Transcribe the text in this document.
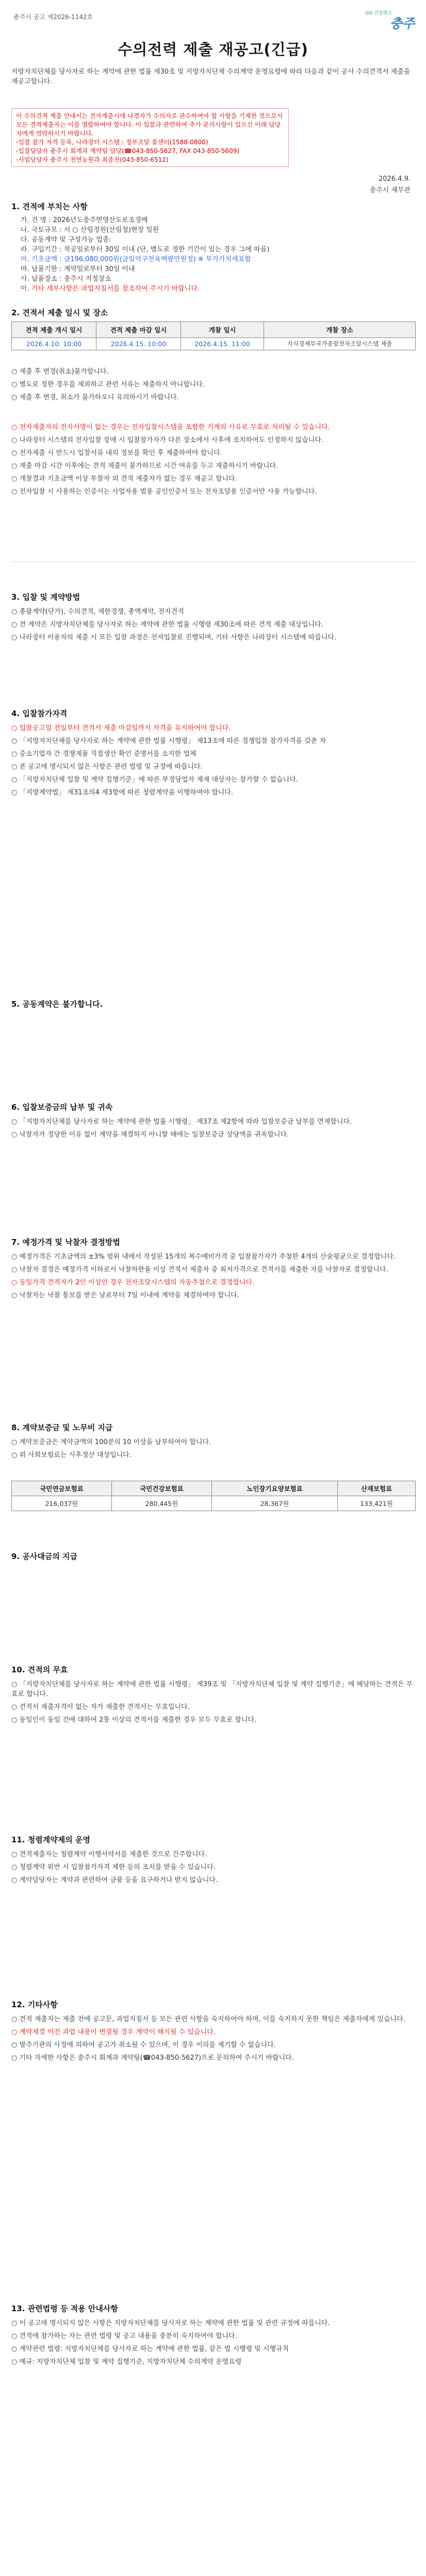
충주시 공고 제2026-1142호	GO 건강하고
충주
수의전력 제출 재공고(긴급)
지방자치단체를 당사자로 하는 계약에 관한 법률 제30조 및 지방자치단체 수의계약 운영요령에 따라 다음과 같이 공사 수의견적서 제출을 재공고합니다.
이 수의견적 제출 안내서는 전자계출시에 나경자가 수의자로 관수하여야 할 사항을 기재한 것으로서 모든 견적제출자는 이를 열람하여야 합니다. 이 입찰과 관련하여 추가 문의사항이 있으신 이래 담당자에게 연락하시기 바랍니다.
-입찰 참가 자격 등록, 나라장터 시스템 : 정부조달 콜센터(1588-0800)
-입찰담당자 충주시 회계과 계약팀 담당(☎043-850-5627, FAX 043-850-5609)
-사업담당자 충주시 천연농원과 최종천(043-850-6512)
2026.4.9.
충주시 재무관
1. 견적에 부치는 사항
가. 건 명 : 2026년도충주면영산도로조경배
나. 국토규모 : 서 ○ 산림정원(산림청)현장 일원
다. 공동계약 및 구성가능 업종:
라. 구입기간 : 착공일로부터 30일 이내 (단, 별도로 정한 기간이 있는 경우 그에 따름)
마. 기초금액 : 금196,080,000원(금일억구천육백팔만원정) ※ 부가가치세포함
바. 납품기한 : 계약일로부터 30일 이내
사. 납품장소 : 충주시 지정장소
아. 기타 세부사항은 과업지침서를 참조하여 주시기 바랍니다.
2. 견적서 제출 일시 및 장소
견적 제출 개시 일시	견적 제출 마감 일시	개찰 일시	개찰 장소
2026.4.10. 10:00	2026.4.15. 10:00	2026.4.15. 11:00	지식경제부국가종합전자조달시스템 제출
○ 제출 후 변경(취소)불가합니다.
○ 별도로 정한 경우를 제외하고 관련 서류는 제출하지 아니합니다.
○ 제출 후 변경, 취소가 불가하오니 유의하시기 바랍니다.
○ 전자제출자의 전자서명이 없는 경우는 전자입찰시스템을 포함한 기계의 사유로 무효로 처리될 수 있습니다.
○ 나라장터 시스템의 전자입찰 장애 시 입찰참가자가 다른 장소에서 사후에 조치하여도 인정하지 않습니다.
○ 전자제출 시 반드시 입찰서류 내의 정보를 확인 후 제출하여야 합니다.
○ 제출 마감 시간 이후에는 견적 제출이 불가하므로 시간 여유를 두고 제출하시기 바랍니다.
○ 개찰결과 기초금액 이상 투찰자 외 견적 제출자가 없는 경우 재공고 합니다.
○ 전자입찰 시 사용하는 인증서는 사업자용 범용 공인인증서 또는 전자조달용 인증서만 사용 가능합니다.
3. 입찰 및 계약방법
○ 총괄계약(단가), 수의견적, 제한경쟁, 총액계약, 전자견적
○ 견 계약은 지방자치단체를 당사자로 하는 계약에 관한 법률 시행령 제30조에 따른 견적 제출 대상입니다.
○ 나라장터 이용자의 제출 시 모든 입찰 과정은 전자입찰로 진행되며, 기타 사항은 나라장터 시스템에 따릅니다.
4. 입찰참가자격
○ 입찰공고일 전일부터 견적서 제출 마감일까지 자격을 유지하여야 합니다.
○ 「지방자치단체를 당사자로 하는 계약에 관한 법률 시행령」 제13조에 따른 경쟁입찰 참가자격을 갖춘 자
○ 중소기업자 간 경쟁제품 직접생산 확인 증명서를 소지한 업체
○ 본 공고에 명시되지 않은 사항은 관련 법령 및 규정에 따릅니다.
○ 「지방자치단체 입찰 및 계약 집행기준」에 따른 부정당업자 제재 대상자는 참가할 수 없습니다.
○ 「지방계약법」 제31조의4 제3항에 따른 청렴계약을 이행하여야 합니다.
5. 공동계약은 불가합니다.
6. 입찰보증금의 납부 및 귀속
○ 「지방자치단체를 당사자로 하는 계약에 관한 법률 시행령」 제37조 제2항에 따라 입찰보증금 납부를 면제합니다.
○ 낙찰자가 정당한 이유 없이 계약을 체결하지 아니할 때에는 입찰보증금 상당액을 귀속합니다.
7. 예정가격 및 낙찰자 결정방법
○ 예정가격은 기초금액의 ±3% 범위 내에서 작성된 15개의 복수예비가격 중 입찰참가자가 추첨한 4개의 산술평균으로 결정합니다.
○ 낙찰자 결정은 예정가격 이하로서 낙찰하한율 이상 견적서 제출자 중 최저가격으로 견적서를 제출한 자를 낙찰자로 결정합니다.
○ 동일가격 견적자가 2인 이상인 경우 전자조달시스템의 자동추첨으로 결정합니다.
○ 낙찰자는 낙찰 통보를 받은 날로부터 7일 이내에 계약을 체결하여야 합니다.
8. 계약보증금 및 노무비 지급
○ 계약보증금은 계약금액의 100분의 10 이상을 납부하여야 합니다.
○ 위 사회보험료는 사후정산 대상입니다.
국민연금보험료	국민건강보험료	노인장기요양보험료	산재보험료
216,037원	280,445원	28,367원	133,421원
9. 공사대금의 지급
10. 견적의 무효
○ 「지방자치단체를 당사자로 하는 계약에 관한 법률 시행령」 제39조 및 「지방자치단체 입찰 및 계약 집행기준」에 해당하는 견적은 무효로 합니다.
○ 견적서 제출자격이 없는 자가 제출한 견적서는 무효입니다.
○ 동일인이 동일 건에 대하여 2통 이상의 견적서를 제출한 경우 모두 무효로 합니다.
11. 청렴계약제의 운영
○ 견적제출자는 청렴계약 이행서약서를 제출한 것으로 간주합니다.
○ 청렴계약 위반 시 입찰참가자격 제한 등의 조치를 받을 수 있습니다.
○ 계약담당자는 계약과 관련하여 금품 등을 요구하거나 받지 않습니다.
12. 기타사항
○ 견적 제출자는 제출 전에 공고문, 과업지침서 등 모든 관련 사항을 숙지하여야 하며, 이를 숙지하지 못한 책임은 제출자에게 있습니다.
○ 계약체결 이전 과업 내용이 변경될 경우 계약이 해지될 수 있습니다.
○ 발주기관의 사정에 의하여 공고가 취소될 수 있으며, 이 경우 이의를 제기할 수 없습니다.
○ 기타 자세한 사항은 충주시 회계과 계약팀(☎043-850-5627)으로 문의하여 주시기 바랍니다.
13. 관련법령 등 적용 안내사항
○ 이 공고에 명시되지 않은 사항은 지방자치단체를 당사자로 하는 계약에 관한 법률 및 관련 규정에 따릅니다.
○ 견적에 참가하는 자는 관련 법령 및 공고 내용을 충분히 숙지하여야 합니다.
○ 계약관련 법령: 지방자치단체를 당사자로 하는 계약에 관한 법률, 같은 법 시행령 및 시행규칙
○ 예규: 지방자치단체 입찰 및 계약 집행기준, 지방자치단체 수의계약 운영요령
